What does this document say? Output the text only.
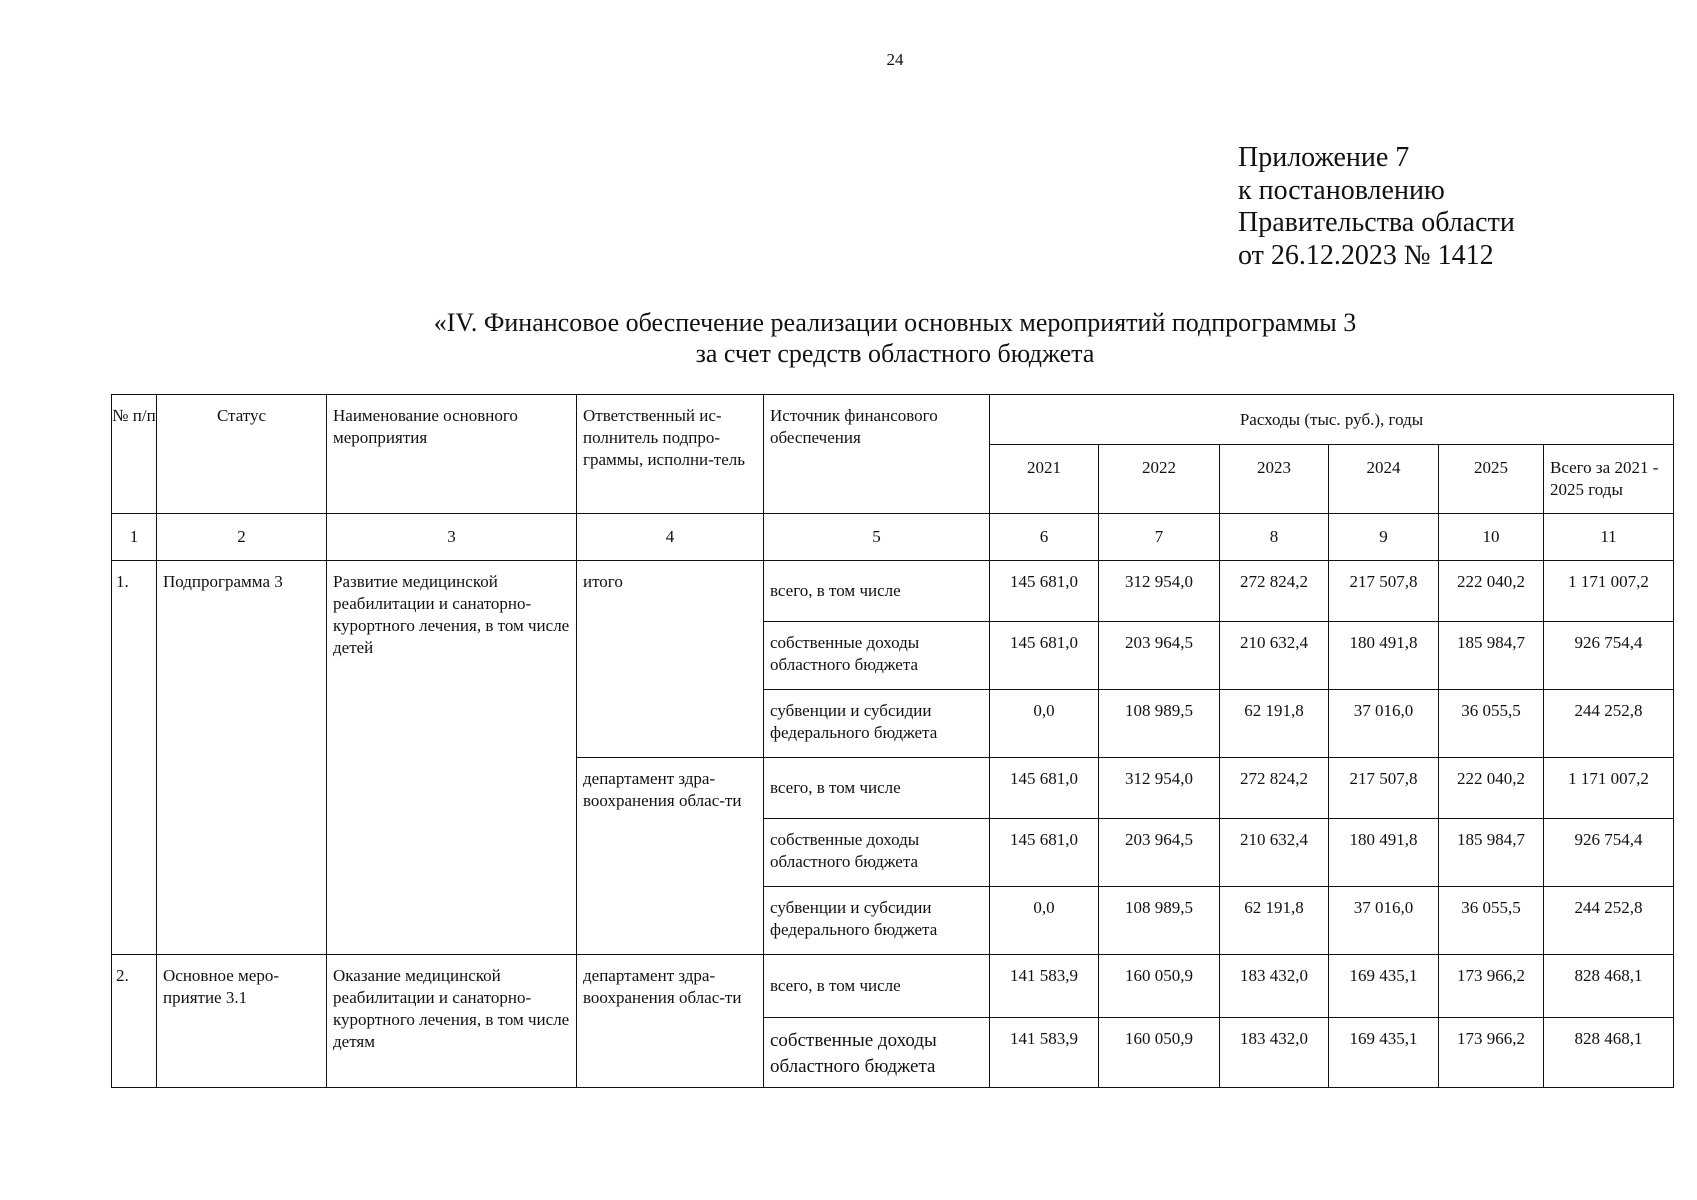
24
Приложение 7
к постановлению
Правительства области
от 26.12.2023 № 1412
«IV. Финансовое обеспечение реализации основных мероприятий подпрограммы 3
за счет средств областного бюджета
№ п/п	Статус	Наименование основного мероприятия	Ответственный ис-полнитель подпро-граммы, исполни-тель	Источник финансового обеспечения	Расходы (тыс. руб.), годы					
					2021	2022	2023	2024	2025	Всего за 2021 - 2025 годы
1	2	3	4	5	6	7	8	9	10	11
1.	Подпрограмма 3	Развитие медицинской реабилитации и санаторно-курортного лечения, в том числе детей	итого	всего, в том числе	145 681,0	312 954,0	272 824,2	217 507,8	222 040,2	1 171 007,2
				собственные доходы областного бюджета	145 681,0	203 964,5	210 632,4	180 491,8	185 984,7	926 754,4
				субвенции и субсидии федерального бюджета	0,0	108 989,5	62 191,8	37 016,0	36 055,5	244 252,8
			департамент здра-воохранения облас-ти	всего, в том числе	145 681,0	312 954,0	272 824,2	217 507,8	222 040,2	1 171 007,2
				собственные доходы областного бюджета	145 681,0	203 964,5	210 632,4	180 491,8	185 984,7	926 754,4
				субвенции и субсидии федерального бюджета	0,0	108 989,5	62 191,8	37 016,0	36 055,5	244 252,8
2.	Основное меро-приятие 3.1	Оказание медицинской реабилитации и санаторно-курортного лечения, в том числе детям	департамент здра-воохранения облас-ти	всего, в том числе	141 583,9	160 050,9	183 432,0	169 435,1	173 966,2	828 468,1
				собственные доходы областного бюджета	141 583,9	160 050,9	183 432,0	169 435,1	173 966,2	828 468,1
